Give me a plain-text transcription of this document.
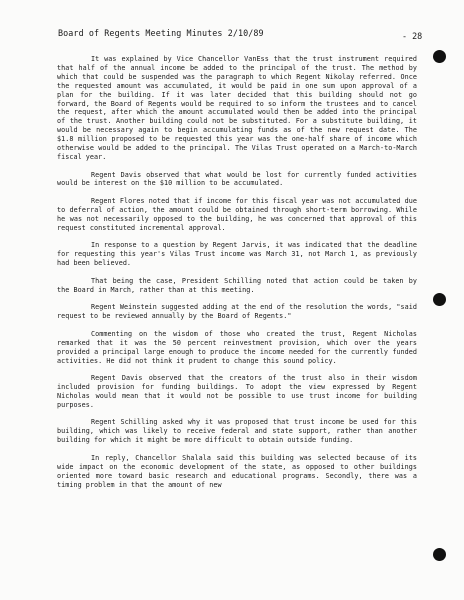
Board of Regents Meeting Minutes 2/10/89	- 28

It was explained by Vice Chancellor VanEss that the trust instrument required that half of the annual income be added to the principal of the trust. The method by which that could be suspended was the paragraph to which Regent Nikolay referred. Once the requested amount was accumulated, it would be paid in one sum upon approval of a plan for the building. If it was later decided that this building should not go forward, the Board of Regents would be required to so inform the trustees and to cancel the request, after which the amount accumulated would then be added into the principal of the trust. Another building could not be substituted. For a substitute building, it would be necessary again to begin accumulating funds as of the new request date. The $1.8 million proposed to be requested this year was the one-half share of income which otherwise would be added to the principal. The Vilas Trust operated on a March-to-March fiscal year.

Regent Davis observed that what would be lost for currently funded activities would be interest on the $10 million to be accumulated.

Regent Flores noted that if income for this fiscal year was not accumulated due to deferral of action, the amount could be obtained through short-term borrowing. While he was not necessarily opposed to the building, he was concerned that approval of this request constituted incremental approval.

In response to a question by Regent Jarvis, it was indicated that the deadline for requesting this year's Vilas Trust income was March 31, not March 1, as previously had been believed.

That being the case, President Schilling noted that action could be taken by the Board in March, rather than at this meeting.

Regent Weinstein suggested adding at the end of the resolution the words, "said request to be reviewed annually by the Board of Regents."

Commenting on the wisdom of those who created the trust, Regent Nicholas remarked that it was the 50 percent reinvestment provision, which over the years provided a principal large enough to produce the income needed for the currently funded activities. He did not think it prudent to change this sound policy.

Regent Davis observed that the creators of the trust also in their wisdom included provision for funding buildings. To adopt the view expressed by Regent Nicholas would mean that it would not be possible to use trust income for building purposes.

Regent Schilling asked why it was proposed that trust income be used for this building, which was likely to receive federal and state support, rather than another building for which it might be more difficult to obtain outside funding.

In reply, Chancellor Shalala said this building was selected because of its wide impact on the economic development of the state, as opposed to other buildings oriented more toward basic research and educational programs. Secondly, there was a timing problem in that the amount of new
